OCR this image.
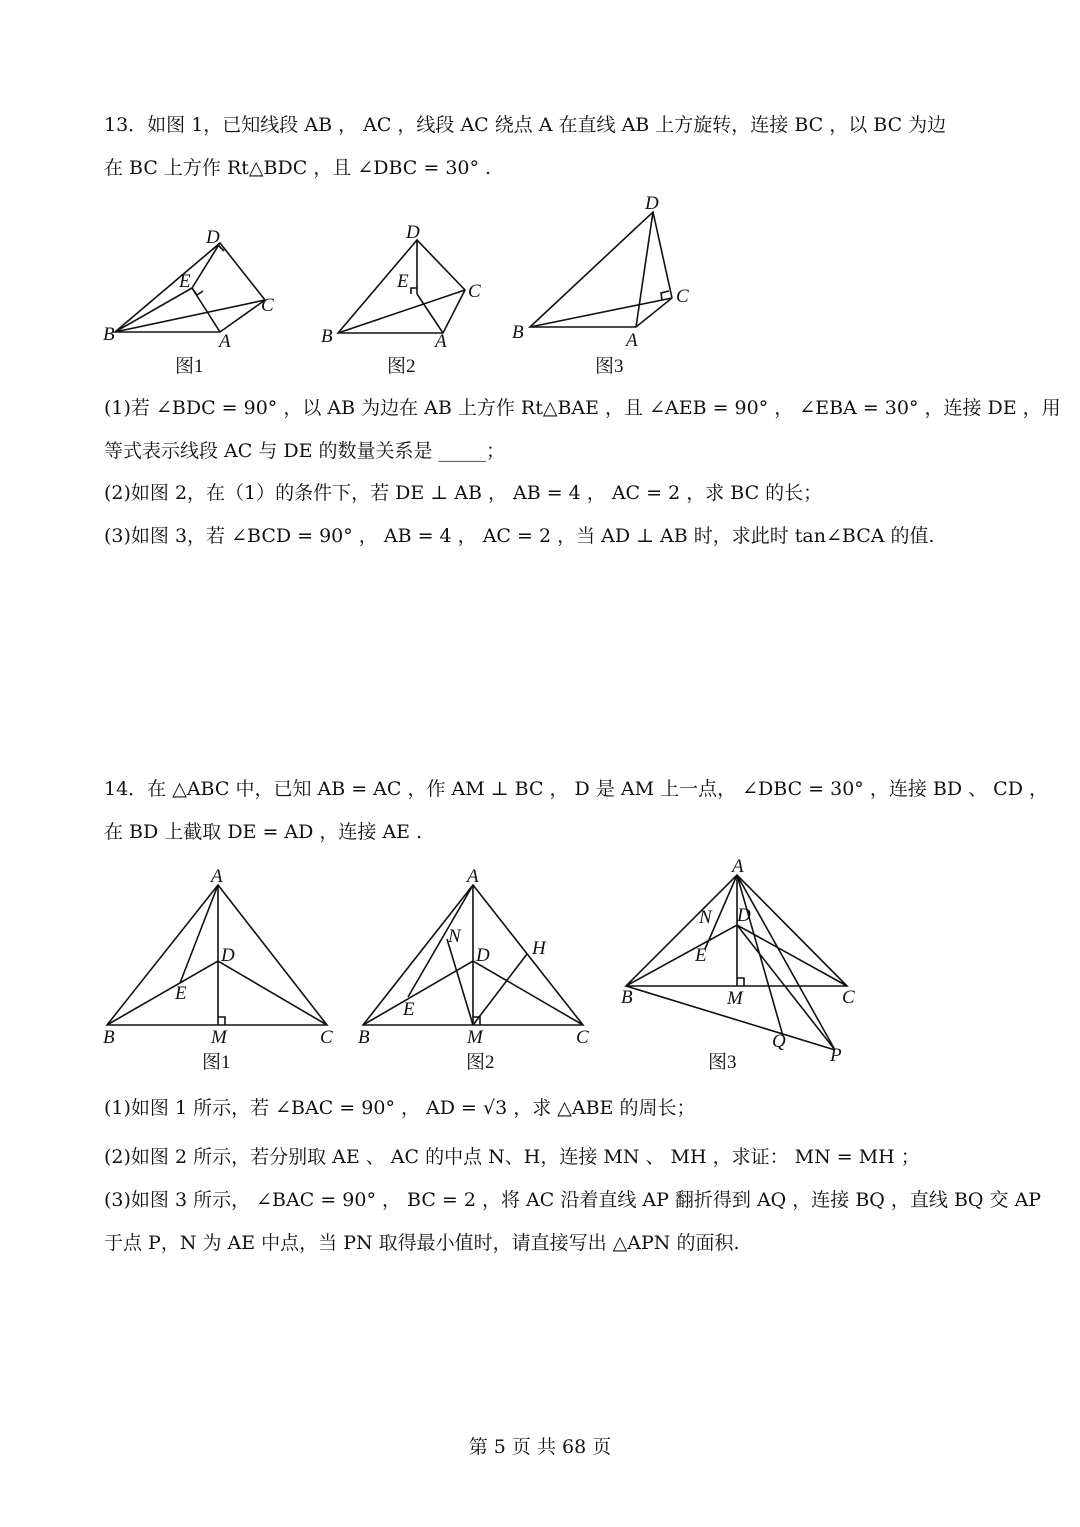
13．如图 1，已知线段 AB ， AC ，线段 AC 绕点 A 在直线 AB 上方旋转，连接 BC ，以 BC 为边
在 BC 上方作 Rt△BDC ，且 ∠DBC = 30° .
D
E
C
B	A
图1
D
E	C
B	A
图2
D
C
B	A
图3
(1)若 ∠BDC = 90° ，以 AB 为边在 AB 上方作 Rt△BAE ，且 ∠AEB = 90° ， ∠EBA = 30° ，连接 DE ，用
等式表示线段 AC 与 DE 的数量关系是 _____；
(2)如图 2，在（1）的条件下，若 DE ⊥ AB ， AB = 4 ， AC = 2 ，求 BC 的长；
(3)如图 3，若 ∠BCD = 90° ， AB = 4 ， AC = 2 ，当 AD ⊥ AB 时，求此时 tan∠BCA 的值.
14．在 △ABC 中，已知 AB = AC ，作 AM ⊥ BC ， D 是 AM 上一点， ∠DBC = 30° ，连接 BD 、 CD ，
在 BD 上截取 DE = AD ，连接 AE .
A
D
E
B	M	C
图1
A
N
D H
E
B	M	C
图2
A
N D
E
B	M	C
Q
P
图3
(1)如图 1 所示，若 ∠BAC = 90° ， AD = √3 ，求 △ABE 的周长；
(2)如图 2 所示，若分别取 AE 、 AC 的中点 N、H，连接 MN 、 MH ，求证： MN = MH ；
(3)如图 3 所示， ∠BAC = 90° ， BC = 2 ，将 AC 沿着直线 AP 翻折得到 AQ ，连接 BQ ，直线 BQ 交 AP
于点 P，N 为 AE 中点，当 PN 取得最小值时，请直接写出 △APN 的面积.
第 5 页 共 68 页
